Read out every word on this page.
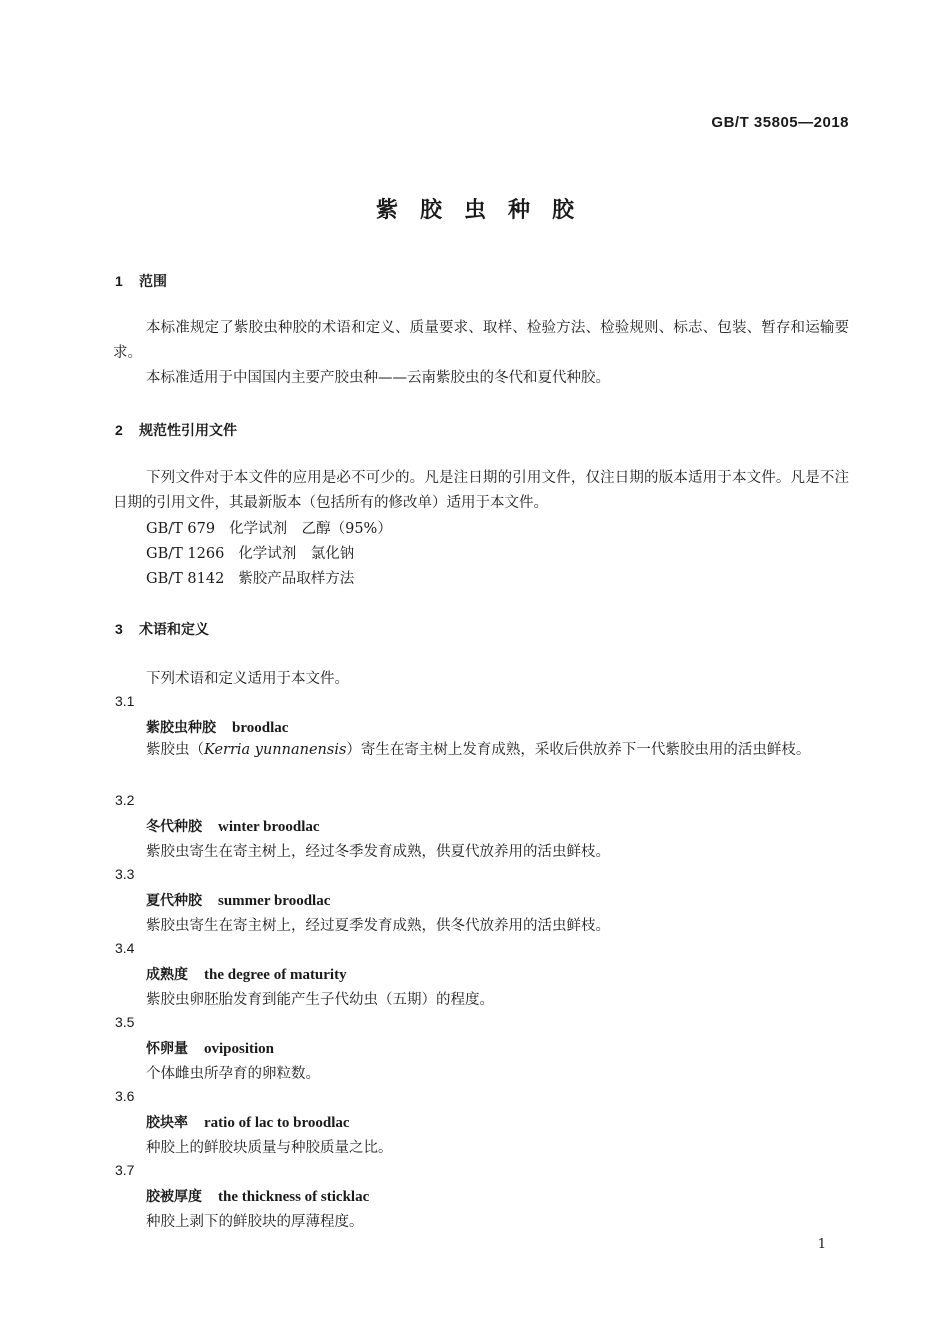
GB/T 35805—2018
紫胶虫种胶
1 范围
本标准规定了紫胶虫种胶的术语和定义、质量要求、取样、检验方法、检验规则、标志、包装、暂存和运输要求。
本标准适用于中国国内主要产胶虫种——云南紫胶虫的冬代和夏代种胶。
2 规范性引用文件
下列文件对于本文件的应用是必不可少的。凡是注日期的引用文件，仅注日期的版本适用于本文件。凡是不注日期的引用文件，其最新版本（包括所有的修改单）适用于本文件。
GB/T 679 化学试剂　乙醇（95%）
GB/T 1266 化学试剂　氯化钠
GB/T 8142 紫胶产品取样方法
3 术语和定义
下列术语和定义适用于本文件。
3.1
紫胶虫种胶 broodlac
紫胶虫（Kerria yunnanensis）寄生在寄主树上发育成熟，采收后供放养下一代紫胶虫用的活虫鲜枝。
3.2
冬代种胶 winter broodlac
紫胶虫寄生在寄主树上，经过冬季发育成熟，供夏代放养用的活虫鲜枝。
3.3
夏代种胶 summer broodlac
紫胶虫寄生在寄主树上，经过夏季发育成熟，供冬代放养用的活虫鲜枝。
3.4
成熟度 the degree of maturity
紫胶虫卵胚胎发育到能产生子代幼虫（五期）的程度。
3.5
怀卵量 oviposition
个体雌虫所孕育的卵粒数。
3.6
胶块率 ratio of lac to broodlac
种胶上的鲜胶块质量与种胶质量之比。
3.7
胶被厚度 the thickness of sticklac
种胶上剥下的鲜胶块的厚薄程度。
1
